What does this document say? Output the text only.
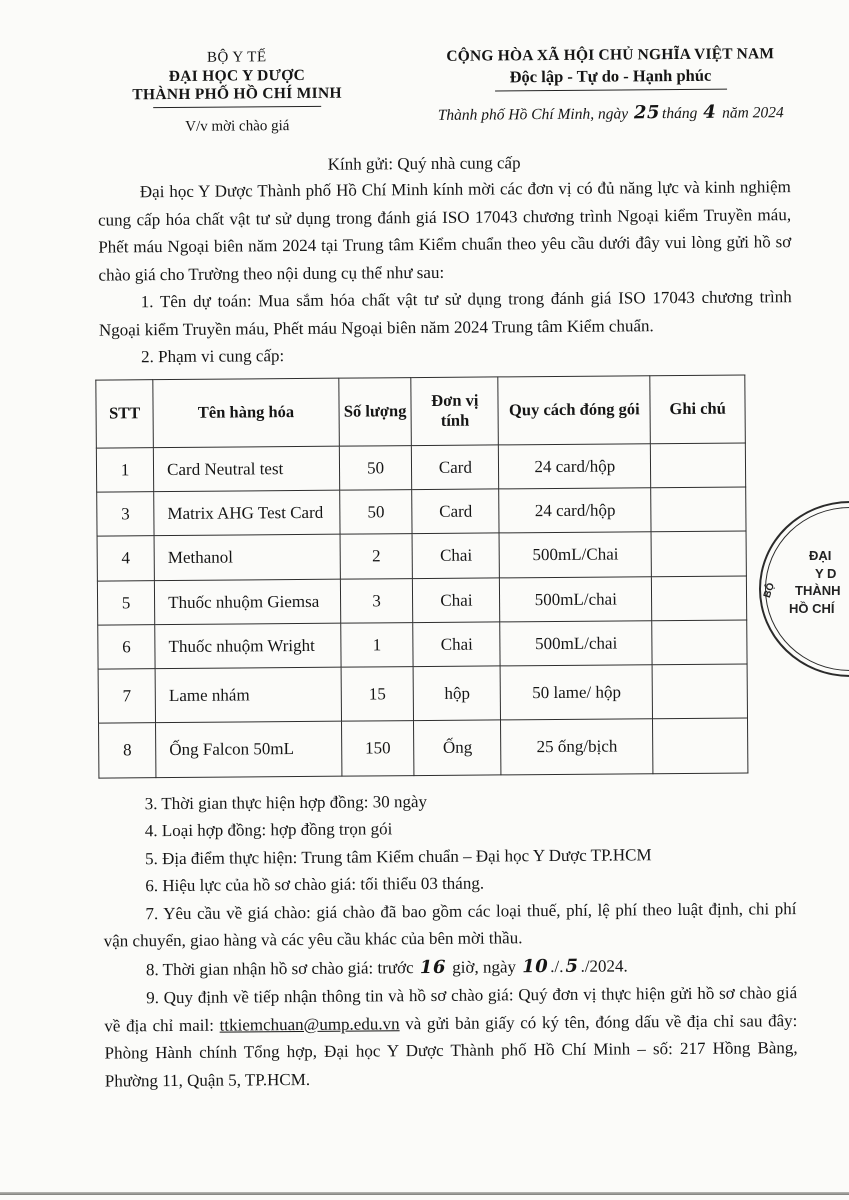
BỘ Y TẾ
ĐẠI HỌC Y DƯỢC
THÀNH PHỐ HỒ CHÍ MINH
V/v mời chào giá
CỘNG HÒA XÃ HỘI CHỦ NGHĨA VIỆT NAM
Độc lập - Tự do - Hạnh phúc
Thành phố Hồ Chí Minh, ngày 25 tháng 4 năm 2024
Kính gửi: Quý nhà cung cấp

Đại học Y Dược Thành phố Hồ Chí Minh kính mời các đơn vị có đủ năng lực và kinh nghiệm cung cấp hóa chất vật tư sử dụng trong đánh giá ISO 17043 chương trình Ngoại kiểm Truyền máu, Phết máu Ngoại biên năm 2024 tại Trung tâm Kiểm chuẩn theo yêu cầu dưới đây vui lòng gửi hồ sơ chào giá cho Trường theo nội dung cụ thể như sau:

1. Tên dự toán: Mua sắm hóa chất vật tư sử dụng trong đánh giá ISO 17043 chương trình Ngoại kiểm Truyền máu, Phết máu Ngoại biên năm 2024 Trung tâm Kiểm chuẩn.

2. Phạm vi cung cấp:

STT	Tên hàng hóa	Số lượng	Đơn vị tính	Quy cách đóng gói	Ghi chú
1	Card Neutral test	50	Card	24 card/hộp	
3	Matrix AHG Test Card	50	Card	24 card/hộp	
4	Methanol	2	Chai	500mL/Chai	
5	Thuốc nhuộm Giemsa	3	Chai	500mL/chai	
6	Thuốc nhuộm Wright	1	Chai	500mL/chai	
7	Lame nhám	15	hộp	50 lame/ hộp	
8	Ống Falcon 50mL	150	Ống	25 ống/bịch	

3. Thời gian thực hiện hợp đồng: 30 ngày

4. Loại hợp đồng: hợp đồng trọn gói

5. Địa điểm thực hiện: Trung tâm Kiểm chuẩn – Đại học Y Dược TP.HCM

6. Hiệu lực của hồ sơ chào giá: tối thiểu 03 tháng.

7. Yêu cầu về giá chào: giá chào đã bao gồm các loại thuế, phí, lệ phí theo luật định, chi phí vận chuyển, giao hàng và các yêu cầu khác của bên mời thầu.

8. Thời gian nhận hồ sơ chào giá: trước 16 giờ, ngày 10 ./. 5 ./2024.

9. Quy định về tiếp nhận thông tin và hồ sơ chào giá: Quý đơn vị thực hiện gửi hồ sơ chào giá về địa chỉ mail: ttkiemchuan@ump.edu.vn và gửi bản giấy có ký tên, đóng dấu về địa chỉ sau đây: Phòng Hành chính Tổng hợp, Đại học Y Dược Thành phố Hồ Chí Minh – số: 217 Hồng Bàng, Phường 11, Quận 5, TP.HCM.

ĐẠI
Y D
THÀNH
HỒ CHÍ
BỘ
